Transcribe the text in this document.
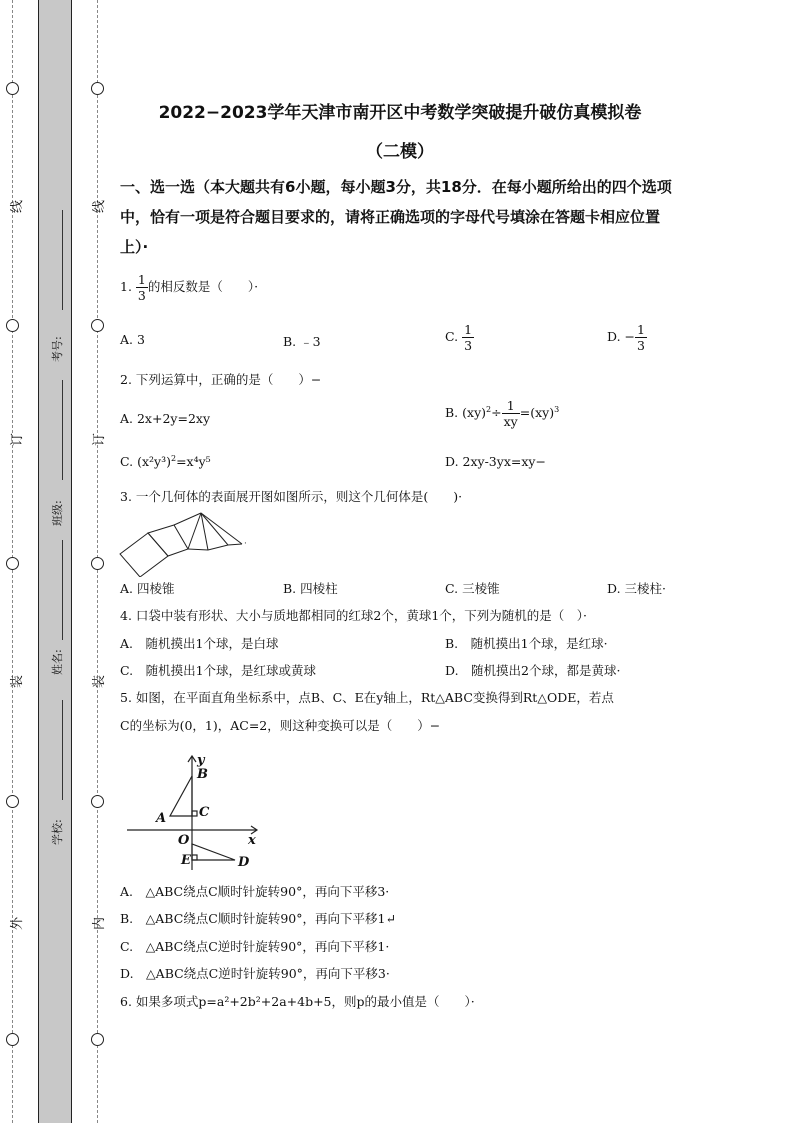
线
订
装
外
线
订
装
内
考号:
班级:
姓名:
学校:
2022−2023学年天津市南开区中考数学突破提升破仿真模拟卷
（二模）
一、选一选（本大题共有6小题，每小题3分，共18分．在每小题所给出的四个选项中，恰有一项是符合题目要求的，请将正确选项的字母代号填涂在答题卡相应位置上）·
1. $\frac{1}{3}$ 的相反数是（　　）·
A. 3	B. ﹣3	C. $\frac{1}{3}$	D. − $\frac{1}{3}$
2. 下列运算中，正确的是（　　）−
A. 2x+2y=2xy	B. $(xy)^2\div \frac{1}{xy} =(xy)^3$
C. $(x^2y^3)^2=x^4y^5$	D. 2xy-3yx=xy−
3. 一个几何体的表面展开图如图所示，则这个几何体是(　　)·
·
A. 四棱锥	B. 四棱柱	C. 三棱锥	D. 三棱柱·
4. 口袋中装有形状、大小与质地都相同的红球2个，黄球1个，下列为随机的是（　）·
A.　随机摸出1个球，是白球	B.　随机摸出1个球，是红球·
C.　随机摸出1个球，是红球或黄球	D.　随机摸出2个球，都是黄球·
5. 如图，在平面直角坐标系中，点B、C、E在y轴上，Rt△ABC变换得到Rt△ODE，若点
C的坐标为(0，1)，AC=2，则这种变换可以是（　　）−
y
B
C
A
O	x
E	D
A.　△ABC绕点C顺时针旋转90°，再向下平移3·
B.　△ABC绕点C顺时针旋转90°，再向下平移1↵
C.　△ABC绕点C逆时针旋转90°，再向下平移1·
D.　△ABC绕点C逆时针旋转90°，再向下平移3·
6. 如果多项式p=a²+2b²+2a+4b+5，则p的最小值是（　　）·
